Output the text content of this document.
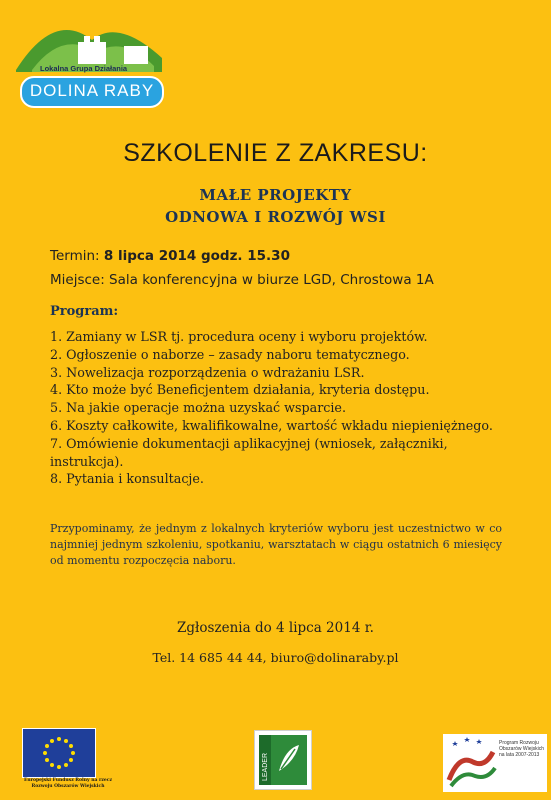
Lokalna Grupa Działania
DOLINA RABY
SZKOLENIE Z ZAKRESU:
MAŁE PROJEKTY
ODNOWA I ROZWÓJ WSI
Termin: 8 lipca 2014 godz. 15.30
Miejsce: Sala konferencyjna w biurze LGD, Chrostowa 1A
Program:
1. Zamiany w LSR tj. procedura oceny i wyboru projektów.
2. Ogłoszenie o naborze – zasady naboru tematycznego.
3. Nowelizacja rozporządzenia o wdrażaniu LSR.
4. Kto może być Beneficjentem działania, kryteria dostępu.
5. Na jakie operacje można uzyskać wsparcie.
6. Koszty całkowite, kwalifikowalne, wartość wkładu niepieniężnego.
7. Omówienie dokumentacji aplikacyjnej (wniosek, załączniki, instrukcja).
8. Pytania i konsultacje.
Przypominamy, że jednym z lokalnych kryteriów wyboru jest uczestnictwo w co najmniej jednym szkoleniu, spotkaniu, warsztatach w ciągu ostatnich 6 miesięcy od momentu rozpoczęcia naboru.
Zgłoszenia do 4 lipca 2014 r.
Tel. 14 685 44 44, biuro@dolinaraby.pl
Europejski Fundusz Rolny na rzecz Rozwoju Obszarów Wiejskich
LEADER
Program Rozwoju Obszarów Wiejskich na lata 2007-2013
